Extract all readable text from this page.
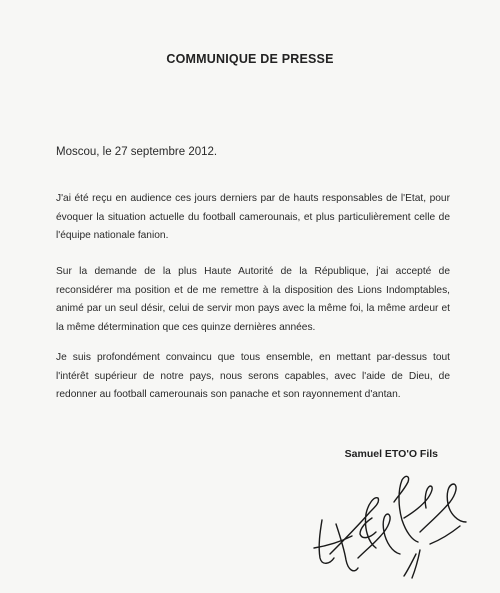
COMMUNIQUE DE PRESSE
Moscou, le 27 septembre 2012.
J'ai été reçu en audience ces jours derniers par de hauts responsables de l'Etat, pour évoquer la situation actuelle du football camerounais, et plus particulièrement celle de l'équipe nationale fanion.
Sur la demande de la plus Haute Autorité de la République, j'ai accepté de reconsidérer ma position et de me remettre à la disposition des Lions Indomptables, animé par un seul désir, celui de servir mon pays avec la même foi, la même ardeur et la même détermination que ces quinze dernières années.
Je suis profondément convaincu que tous ensemble, en mettant par-dessus tout l'intérêt supérieur de notre pays, nous serons capables, avec l'aide de Dieu, de redonner au football camerounais son panache et son rayonnement d'antan.
Samuel ETO'O Fils
